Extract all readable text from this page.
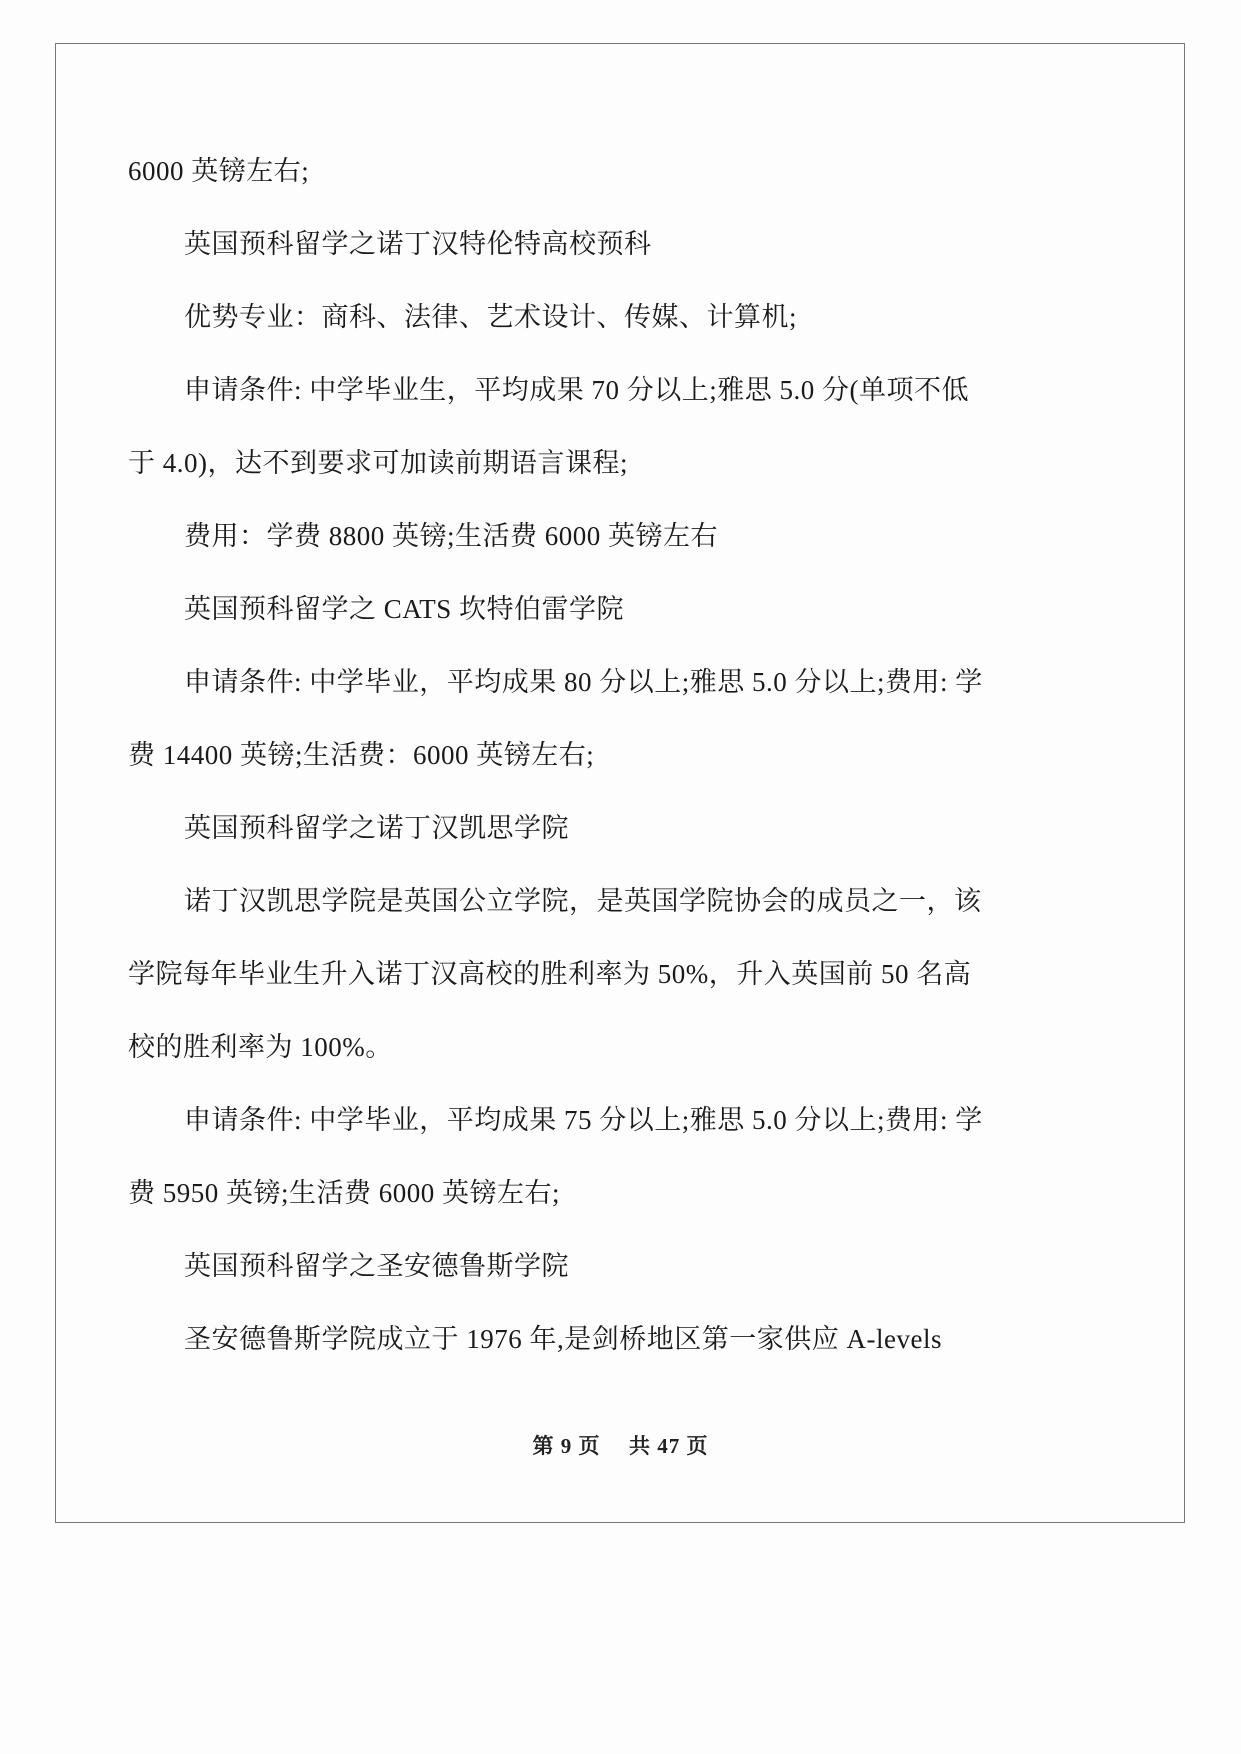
6000 英镑左右;

英国预科留学之诺丁汉特伦特高校预科

优势专业：商科、法律、艺术设计、传媒、计算机;

申请条件: 中学毕业生，平均成果 70 分以上;雅思 5.0 分(单项不低于 4.0)，达不到要求可加读前期语言课程;

费用：学费 8800 英镑;生活费 6000 英镑左右

英国预科留学之 CATS 坎特伯雷学院

申请条件: 中学毕业，平均成果 80 分以上;雅思 5.0 分以上;费用: 学费 14400 英镑;生活费：6000 英镑左右;

英国预科留学之诺丁汉凯思学院

诺丁汉凯思学院是英国公立学院，是英国学院协会的成员之一，该学院每年毕业生升入诺丁汉高校的胜利率为 50%，升入英国前 50 名高校的胜利率为 100%。

申请条件: 中学毕业，平均成果 75 分以上;雅思 5.0 分以上;费用: 学费 5950 英镑;生活费 6000 英镑左右;

英国预科留学之圣安德鲁斯学院

圣安德鲁斯学院成立于 1976 年,是剑桥地区第一家供应 A-levels

第 9 页 共 47 页
